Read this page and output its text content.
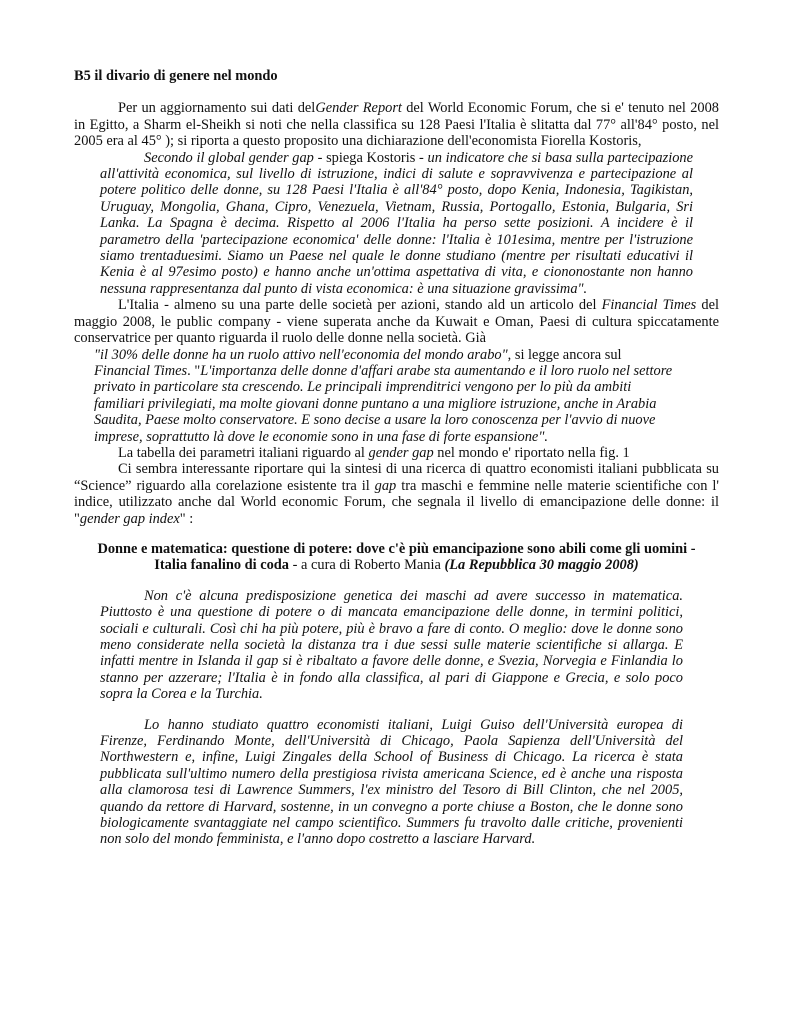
B5 il divario di genere nel mondo

Per un aggiornamento sui dati delGender Report del World Economic Forum, che si e' tenuto nel 2008 in Egitto, a Sharm el-Sheikh si noti che nella classifica su 128 Paesi l'Italia è slitatta dal 77° all'84° posto, nel 2005 era al 45° ); si riporta a questo proposito una dichiarazione dell'economista Fiorella Kostoris,

Secondo il global gender gap - spiega Kostoris - un indicatore che si basa sulla partecipazione all'attività economica, sul livello di istruzione, indici di salute e sopravvivenza e partecipazione al potere politico delle donne, su 128 Paesi l'Italia è all'84° posto, dopo Kenia, Indonesia, Tagikistan, Uruguay, Mongolia, Ghana, Cipro, Venezuela, Vietnam, Russia, Portogallo, Estonia, Bulgaria, Sri Lanka. La Spagna è decima. Rispetto al 2006 l'Italia ha perso sette posizioni. A incidere è il parametro della 'partecipazione economica' delle donne: l'Italia è 101esima, mentre per l'istruzione siamo trentaduesimi. Siamo un Paese nel quale le donne studiano (mentre per risultati educativi il Kenia è al 97esimo posto) e hanno anche un'ottima aspettativa di vita, e ciononostante non hanno nessuna rappresentanza dal punto di vista economica: è una situazione gravissima".

L'Italia - almeno su una parte delle società per azioni, stando ald un articolo del Financial Times del maggio 2008, le public company - viene superata anche da Kuwait e Oman, Paesi di cultura spiccatamente conservatrice per quanto riguarda il ruolo delle donne nella società. Già

"il 30% delle donne ha un ruolo attivo nell'economia del mondo arabo", si legge ancora sul Financial Times. "L'importanza delle donne d'affari arabe sta aumentando e il loro ruolo nel settore privato in particolare sta crescendo. Le principali imprenditrici vengono per lo più da ambiti familiari privilegiati, ma molte giovani donne puntano a una migliore istruzione, anche in Arabia Saudita, Paese molto conservatore. E sono decise a usare la loro conoscenza per l'avvio di nuove imprese, soprattutto là dove le economie sono in una fase di forte espansione".

La tabella dei parametri italiani riguardo al gender gap nel mondo e' riportato nella fig. 1

Ci sembra interessante riportare qui la sintesi di una ricerca di quattro economisti italiani pubblicata su “Science” riguardo alla corelazione esistente tra il gap tra maschi e femmine nelle materie scientifiche con l' indice, utilizzato anche dal World economic Forum, che segnala il livello di emancipazione delle donne: il "gender gap index" :

Donne e matematica: questione di potere: dove c'è più emancipazione sono abili come gli uomini -
Italia fanalino di coda - a cura di Roberto Mania (La Repubblica 30 maggio 2008)

Non c'è alcuna predisposizione genetica dei maschi ad avere successo in matematica. Piuttosto è una questione di potere o di mancata emancipazione delle donne, in termini politici, sociali e culturali. Così chi ha più potere, più è bravo a fare di conto. O meglio: dove le donne sono meno considerate nella società la distanza tra i due sessi sulle materie scientifiche si allarga. E infatti mentre in Islanda il gap si è ribaltato a favore delle donne, e Svezia, Norvegia e Finlandia lo stanno per azzerare; l'Italia è in fondo alla classifica, al pari di Giappone e Grecia, e solo poco sopra la Corea e la Turchia.

Lo hanno studiato quattro economisti italiani, Luigi Guiso dell'Università europea di Firenze, Ferdinando Monte, dell'Università di Chicago, Paola Sapienza dell'Università del Northwestern e, infine, Luigi Zingales della School of Business di Chicago. La ricerca è stata pubblicata sull'ultimo numero della prestigiosa rivista americana Science, ed è anche una risposta alla clamorosa tesi di Lawrence Summers, l'ex ministro del Tesoro di Bill Clinton, che nel 2005, quando da rettore di Harvard, sostenne, in un convegno a porte chiuse a Boston, che le donne sono biologicamente svantaggiate nel campo scientifico. Summers fu travolto dalle critiche, provenienti non solo del mondo femminista, e l'anno dopo costretto a lasciare Harvard.
